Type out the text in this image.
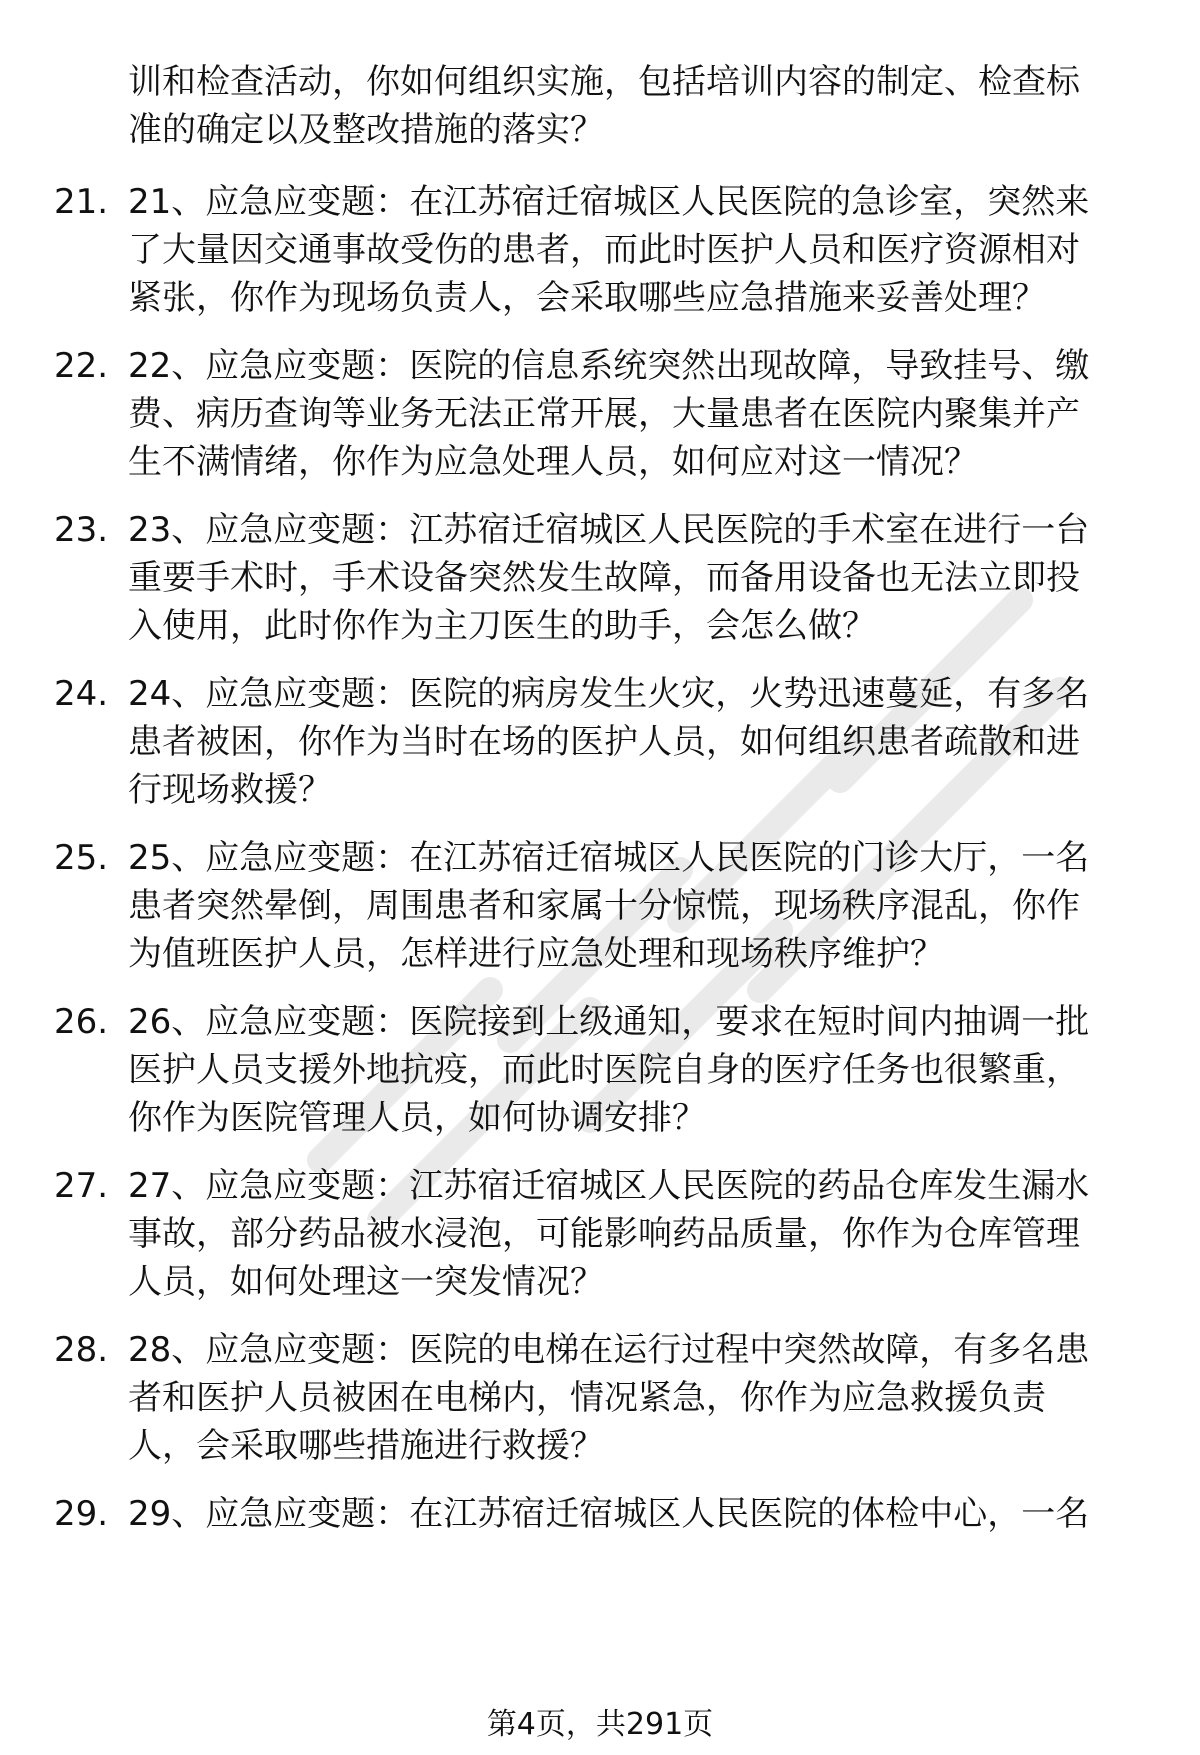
训和检查活动，你如何组织实施，包括培训内容的制定、检查标
准的确定以及整改措施的落实？
21. 21、应急应变题：在江苏宿迁宿城区人民医院的急诊室，突然来
了大量因交通事故受伤的患者，而此时医护人员和医疗资源相对
紧张，你作为现场负责人，会采取哪些应急措施来妥善处理？
22. 22、应急应变题：医院的信息系统突然出现故障，导致挂号、缴
费、病历查询等业务无法正常开展，大量患者在医院内聚集并产
生不满情绪，你作为应急处理人员，如何应对这一情况？
23. 23、应急应变题：江苏宿迁宿城区人民医院的手术室在进行一台
重要手术时，手术设备突然发生故障，而备用设备也无法立即投
入使用，此时你作为主刀医生的助手，会怎么做？
24. 24、应急应变题：医院的病房发生火灾，火势迅速蔓延，有多名
患者被困，你作为当时在场的医护人员，如何组织患者疏散和进
行现场救援？
25. 25、应急应变题：在江苏宿迁宿城区人民医院的门诊大厅，一名
患者突然晕倒，周围患者和家属十分惊慌，现场秩序混乱，你作
为值班医护人员，怎样进行应急处理和现场秩序维护？
26. 26、应急应变题：医院接到上级通知，要求在短时间内抽调一批
医护人员支援外地抗疫，而此时医院自身的医疗任务也很繁重，
你作为医院管理人员，如何协调安排？
27. 27、应急应变题：江苏宿迁宿城区人民医院的药品仓库发生漏水
事故，部分药品被水浸泡，可能影响药品质量，你作为仓库管理
人员，如何处理这一突发情况？
28. 28、应急应变题：医院的电梯在运行过程中突然故障，有多名患
者和医护人员被困在电梯内，情况紧急，你作为应急救援负责
人，会采取哪些措施进行救援？
29. 29、应急应变题：在江苏宿迁宿城区人民医院的体检中心，一名
第4页，共291页
